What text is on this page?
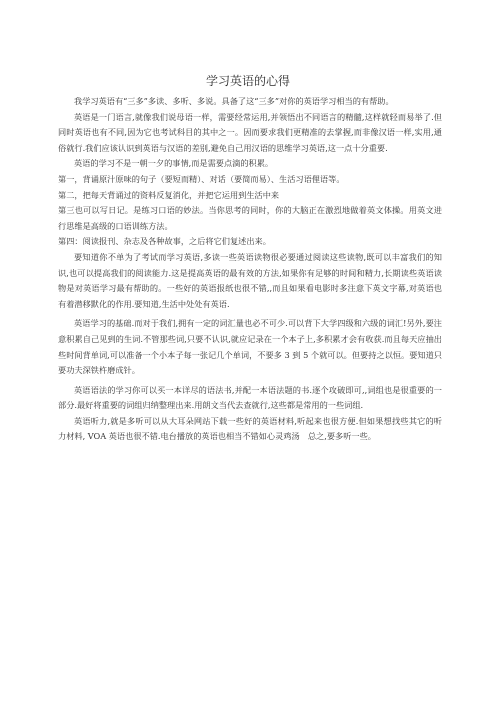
学习英语的心得

我学习英语有“三多”多读、多听、多说。具备了这“三多”对你的英语学习相当的有帮助。

英语是一门语言,就像我们说母语一样，需要经常运用,并领悟出不同语言的精髓,这样就轻而易举了.但同时英语也有不同,因为它也考试科目的其中之一。因而要求我们更精准的去掌握,而非像汉语一样,实用,通俗就行.我们应该认识到英语与汉语的差别,避免自己用汉语的思维学习英语,这一点十分重要.

英语的学习不是一朝一夕的事情,而是需要点滴的积累。

第一，背诵原汁原味的句子（要短而精）、对话（要简而易）、生活习语俚语等。

第二，把每天背诵过的资料反复消化，并把它运用到生活中来

第三也可以写日记。是练习口语的妙法。当你思考的同时，你的大脑正在激烈地做着英文体操。用英文进行思维是高级的口语训练方法。

第四：阅读报刊、杂志及各种故事，之后将它们复述出来。

要知道你不单为了考试而学习英语,多读一些英语读物很必要通过阅读这些读物,既可以丰富我们的知识,也可以提高我们的阅读能力.这是提高英语的最有效的方法,如果你有足够的时间和精力,长期读些英语读物是对英语学习最有帮助的。一些好的英语报纸也很不错,,而且如果看电影时多注意下英文字幕,对英语也有着潜移默化的作用.要知道,生活中处处有英语.

英语学习的基础.而对于我们,拥有一定的词汇量也必不可少.可以背下大学四级和六级的词汇!另外,要注意积累自己见到的生词.不管那些词,只要不认识,就应记录在一个本子上,多积累才会有收获.而且每天应抽出些时间背单词,可以准备一个小本子每一张记几个单词，不要多 3 到 5 个就可以。但要持之以恒。要知道只要功夫深铁杵磨成针。

英语语法的学习你可以买一本详尽的语法书,并配一本语法题的书.逐个攻破即可,,词组也是很重要的一部分.最好将重要的词组归纳整理出来.用朗文当代去查就行,这些都是常用的一些词组.

英语听力,就是多听可以从大耳朵网站下载一些好的英语材料,听起来也很方便.但如果想找些其它的听力材料, VOA 英语也很不错.电台播放的英语也相当不错如心灵鸡汤　总之,要多听一些。
